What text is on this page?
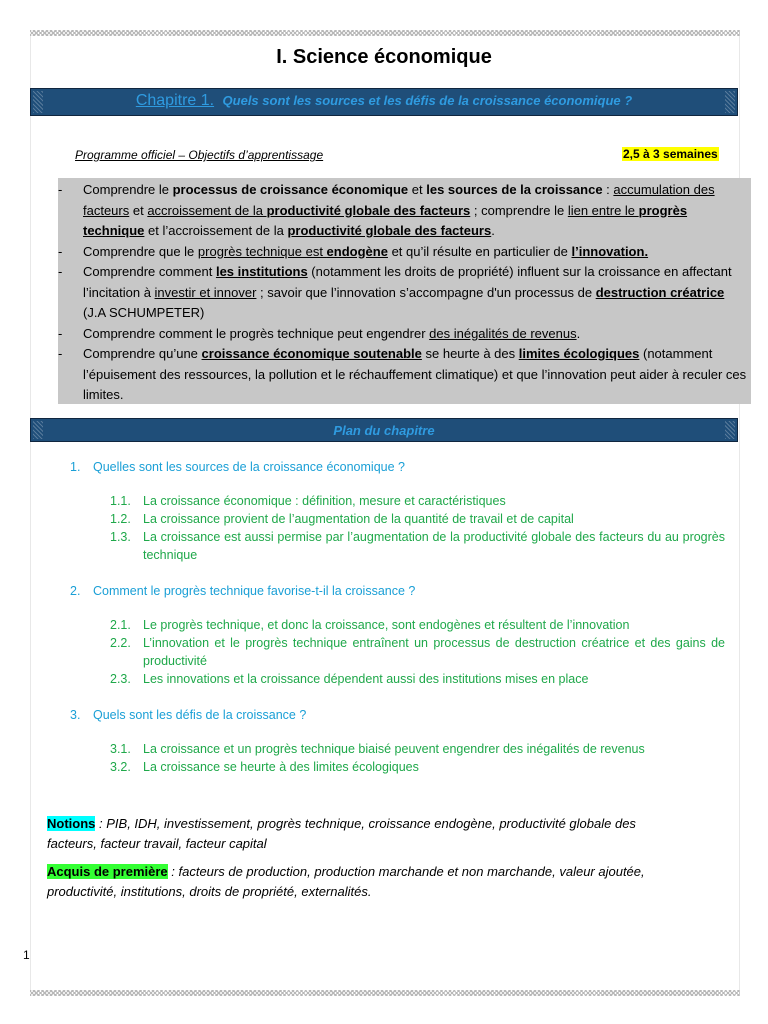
I. Science économique
Chapitre 1. Quels sont les sources et les défis de la croissance économique ?
Programme officiel – Objectifs d’apprentissage	2,5 à 3 semaines
- Comprendre le processus de croissance économique et les sources de la croissance : accumulation des facteurs et accroissement de la productivité globale des facteurs ; comprendre le lien entre le progrès technique et l’accroissement de la productivité globale des facteurs.
- Comprendre que le progrès technique est endogène et qu’il résulte en particulier de l’innovation.
- Comprendre comment les institutions (notamment les droits de propriété) influent sur la croissance en affectant l’incitation à investir et innover ; savoir que l’innovation s’accompagne d'un processus de destruction créatrice (J.A SCHUMPETER)
- Comprendre comment le progrès technique peut engendrer des inégalités de revenus.
- Comprendre qu’une croissance économique soutenable se heurte à des limites écologiques (notamment l’épuisement des ressources, la pollution et le réchauffement climatique) et que l’innovation peut aider à reculer ces limites.
Plan du chapitre
1. Quelles sont les sources de la croissance économique ?
1.1. La croissance économique : définition, mesure et caractéristiques
1.2. La croissance provient de l’augmentation de la quantité de travail et de capital
1.3. La croissance est aussi permise par l’augmentation de la productivité globale des facteurs du au progrès technique
2. Comment le progrès technique favorise-t-il la croissance ?
2.1. Le progrès technique, et donc la croissance, sont endogènes et résultent de l’innovation
2.2. L’innovation et le progrès technique entraînent un processus de destruction créatrice et des gains de productivité
2.3. Les innovations et la croissance dépendent aussi des institutions mises en place
3. Quels sont les défis de la croissance ?
3.1. La croissance et un progrès technique biaisé peuvent engendrer des inégalités de revenus
3.2. La croissance se heurte à des limites écologiques
Notions : PIB, IDH, investissement, progrès technique, croissance endogène, productivité globale des facteurs, facteur travail, facteur capital
Acquis de première : facteurs de production, production marchande et non marchande, valeur ajoutée, productivité, institutions, droits de propriété, externalités.
1
